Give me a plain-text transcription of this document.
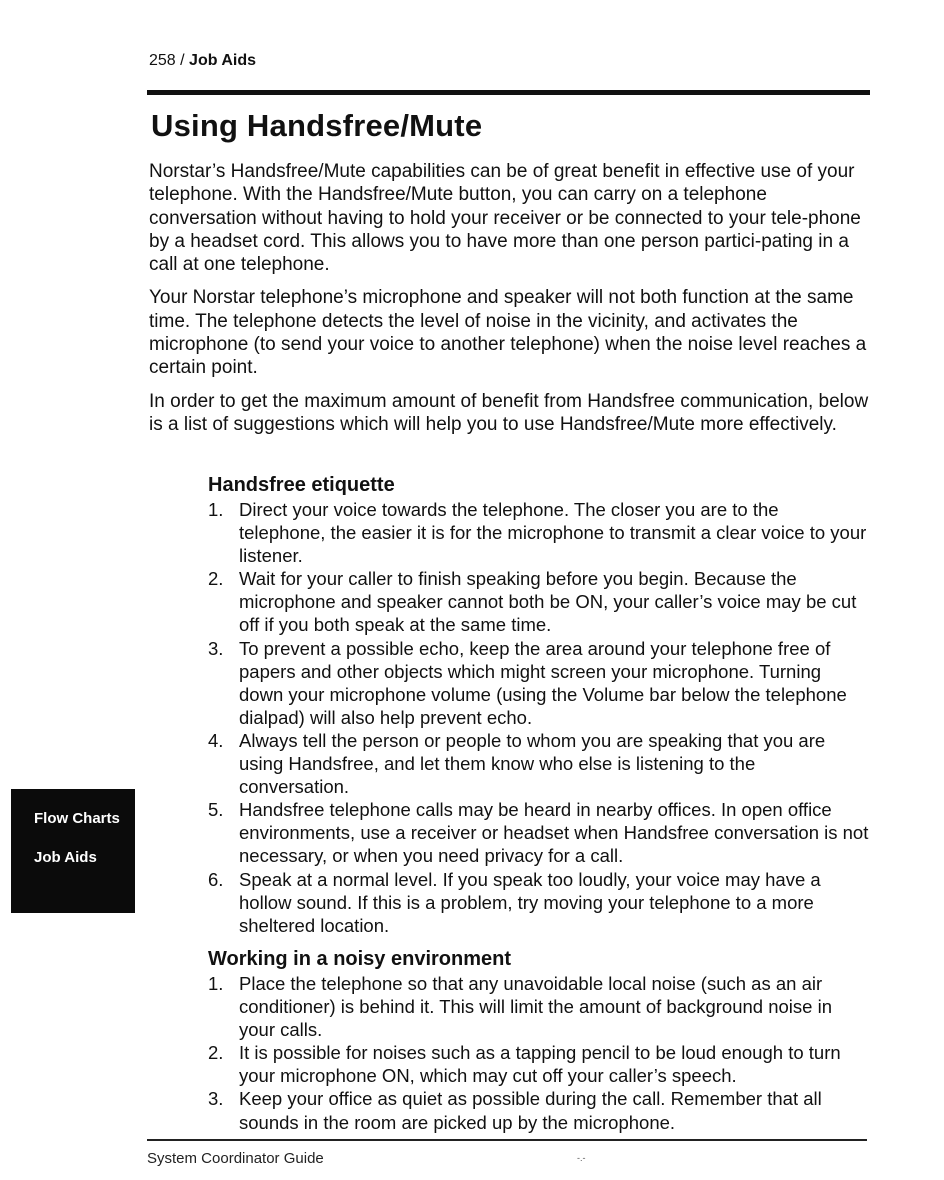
258 / Job Aids
Using Handsfree/Mute

Norstar’s Handsfree/Mute capabilities can be of great benefit in effective use of your telephone. With the Handsfree/Mute button, you can carry on a telephone conversation without having to hold your receiver or be connected to your tele-phone by a headset cord. This allows you to have more than one person partici-pating in a call at one telephone.

Your Norstar telephone’s microphone and speaker will not both function at the same time. The telephone detects the level of noise in the vicinity, and activates the microphone (to send your voice to another telephone) when the noise level reaches a certain point.

In order to get the maximum amount of benefit from Handsfree communication, below is a list of suggestions which will help you to use Handsfree/Mute more effectively.

Handsfree etiquette
1. Direct your voice towards the telephone. The closer you are to the telephone, the easier it is for the microphone to transmit a clear voice to your listener.
2. Wait for your caller to finish speaking before you begin. Because the microphone and speaker cannot both be ON, your caller’s voice may be cut off if you both speak at the same time.
3. To prevent a possible echo, keep the area around your telephone free of papers and other objects which might screen your microphone. Turning down your microphone volume (using the Volume bar below the telephone dialpad) will also help prevent echo.
4. Always tell the person or people to whom you are speaking that you are using Handsfree, and let them know who else is listening to the conversation.
5. Handsfree telephone calls may be heard in nearby offices. In open office environments, use a receiver or headset when Handsfree conversation is not necessary, or when you need privacy for a call.
6. Speak at a normal level. If you speak too loudly, your voice may have a hollow sound. If this is a problem, try moving your telephone to a more sheltered location.
Working in a noisy environment
1. Place the telephone so that any unavoidable local noise (such as an air conditioner) is behind it. This will limit the amount of background noise in your calls.
2. It is possible for noises such as a tapping pencil to be loud enough to turn your microphone ON, which may cut off your caller’s speech.
3. Keep your office as quiet as possible during the call. Remember that all sounds in the room are picked up by the microphone.
Flow Charts
Job Aids
System Coordinator Guide	-.-
